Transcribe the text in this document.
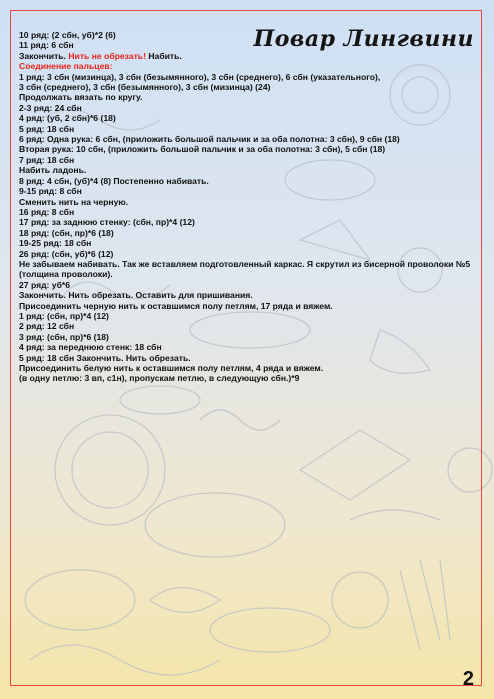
Повар Лингвини
10 ряд: (2 сбн, уб)*2 (6)
11 ряд: 6 сбн
Закончить. Нить не обрезать! Набить.
Соединение пальцев:
1 ряд: 3 сбн (мизинца), 3 сбн (безымянного), 3 сбн (среднего), 6 сбн (указательного),
3 сбн (среднего), 3 сбн (безымянного), 3 сбн (мизинца) (24)
Продолжать вязать по кругу.
2-3 ряд: 24 сбн
4 ряд: (уб, 2 сбн)*6 (18)
5 ряд: 18 сбн
6 ряд: Одна рука: 6 сбн, (приложить большой пальчик и за оба полотна: 3 сбн), 9 сбн (18)
Вторая рука: 10 сбн, (приложить большой пальчик и за оба полотна: 3 сбн), 5 сбн (18)
7 ряд: 18 сбн
Набить ладонь.
8 ряд: 4 сбн, (уб)*4 (8) Постепенно набивать.
9-15 ряд: 8 сбн
Сменить нить на черную.
16 ряд: 8 сбн
17 ряд: за заднюю стенку: (сбн, пр)*4 (12)
18 ряд: (сбн, пр)*6 (18)
19-25 ряд: 18 сбн
26 ряд: (сбн, уб)*6 (12)
Не забываем набивать. Так же вставляем подготовленный каркас. Я скрутил из бисерной проволоки №5 (толщина проволоки).
27 ряд: уб*6
Закончить. Нить обрезать. Оставить для пришивания.
Присоединить черную нить к оставшимся полу петлям, 17 ряда и вяжем.
1 ряд: (сбн, пр)*4 (12)
2 ряд: 12 сбн
3 ряд: (сбн, пр)*6 (18)
4 ряд: за переднюю стенк: 18 сбн
5 ряд: 18 сбн Закончить. Нить обрезать.
Присоединить белую нить к оставшимся полу петлям, 4 ряда и вяжем.
(в одну петлю: 3 вп, с1н), пропускам петлю, в следующую сбн.)*9
2
